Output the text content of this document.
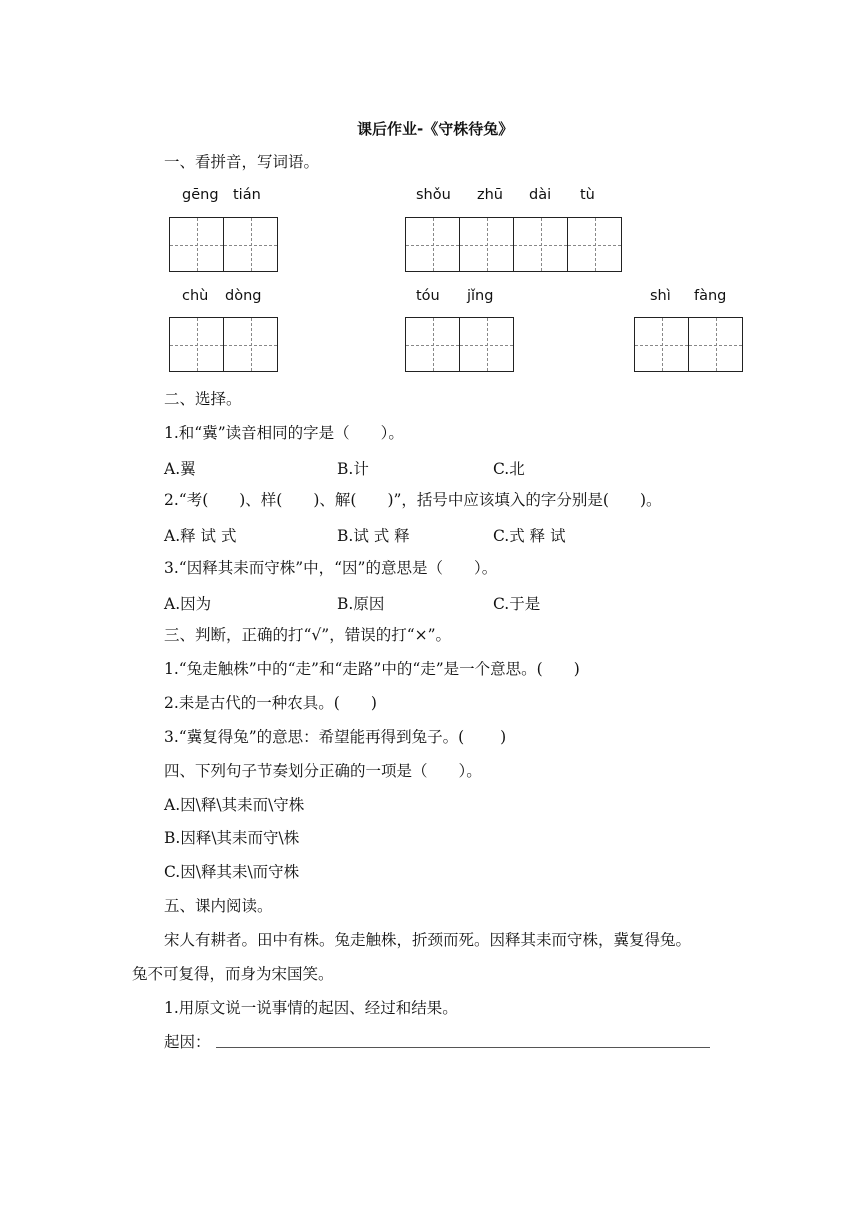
课后作业-《守株待兔》
一、看拼音，写词语。
gēng tián	shǒu zhū dài tù
chù dòng	tóu jǐng	shì fàng
二、选择。
1.和“冀”读音相同的字是（　　）。
A.翼	B.计	C.北
2.“考(　　)、样(　　)、解(　　)”，括号中应该填入的字分别是(　　)。
A.释 试 式	B.试 式 释	C.式 释 试
3.“因释其耒而守株”中，“因”的意思是（　　）。
A.因为	B.原因	C.于是
三、判断，正确的打“√”，错误的打“×”。
1.“兔走触株”中的“走”和“走路”中的“走”是一个意思。(　　)
2.耒是古代的一种农具。(　　)
3.“冀复得兔”的意思：希望能再得到兔子。(　　 )
四、下列句子节奏划分正确的一项是（　　）。
A.因\释\其耒而\守株
B.因释\其耒而守\株
C.因\释其耒\而守株
五、课内阅读。
宋人有耕者。田中有株。兔走触株，折颈而死。因释其耒而守株，冀复得兔。
兔不可复得，而身为宋国笑。
1.用原文说一说事情的起因、经过和结果。
起因：
